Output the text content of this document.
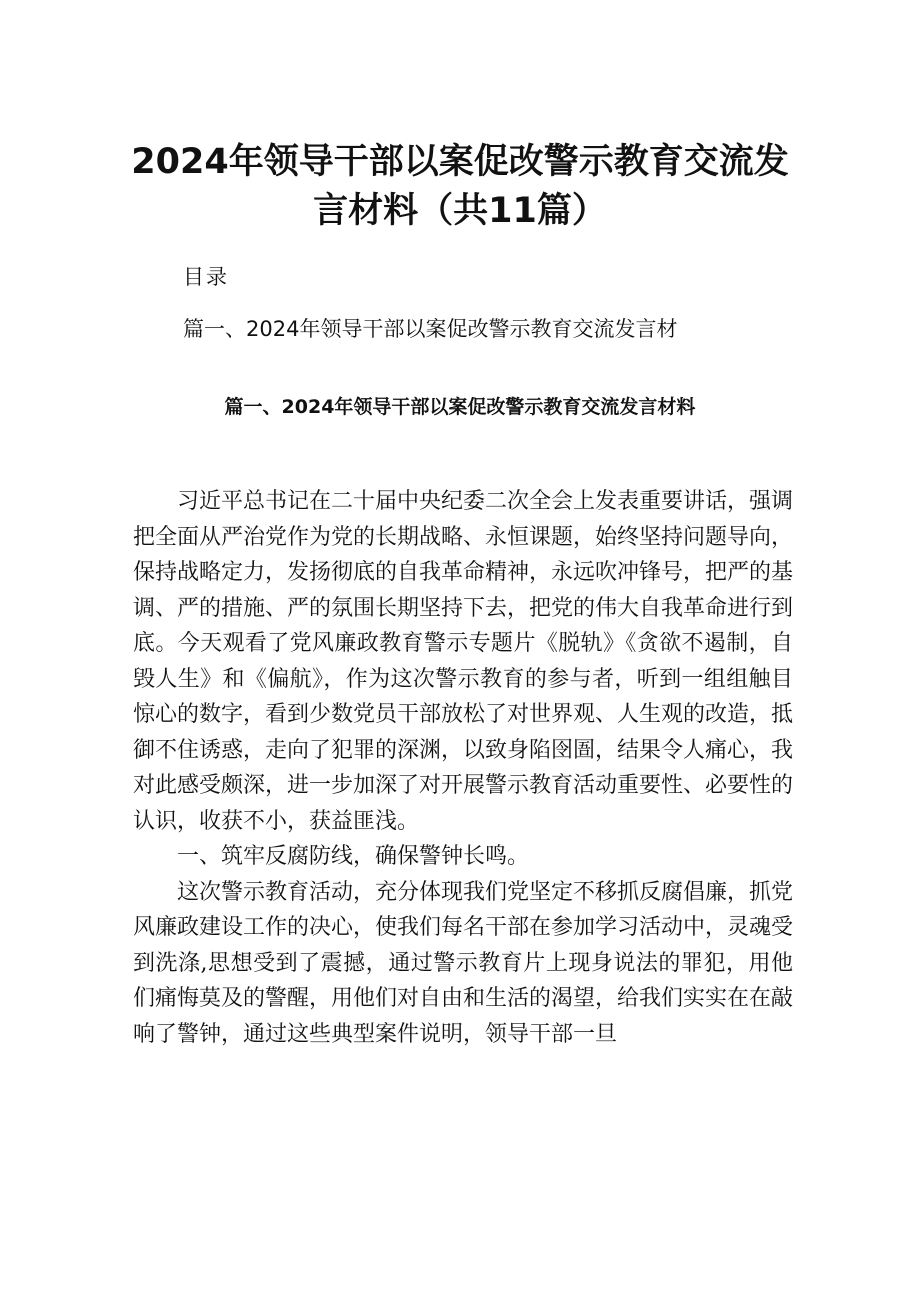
2024年领导干部以案促改警示教育交流发
言材料（共11篇）
目录
篇一、2024年领导干部以案促改警示教育交流发言材
篇一、2024年领导干部以案促改警示教育交流发言材料

习近平总书记在二十届中央纪委二次全会上发表重要讲话，强调把全面从严治党作为党的长期战略、永恒课题，始终坚持问题导向，保持战略定力，发扬彻底的自我革命精神，永远吹冲锋号，把严的基调、严的措施、严的氛围长期坚持下去，把党的伟大自我革命进行到底。今天观看了党风廉政教育警示专题片《脱轨》《贪欲不遏制，自毁人生》和《偏航》，作为这次警示教育的参与者，听到一组组触目惊心的数字，看到少数党员干部放松了对世界观、人生观的改造，抵御不住诱惑，走向了犯罪的深渊，以致身陷囹圄，结果令人痛心，我对此感受颇深，进一步加深了对开展警示教育活动重要性、必要性的认识，收获不小，获益匪浅。

一、筑牢反腐防线，确保警钟长鸣。

这次警示教育活动，充分体现我们党坚定不移抓反腐倡廉，抓党风廉政建设工作的决心，使我们每名干部在参加学习活动中，灵魂受到洗涤,思想受到了震撼，通过警示教育片上现身说法的罪犯，用他们痛悔莫及的警醒，用他们对自由和生活的渴望，给我们实实在在敲响了警钟，通过这些典型案件说明，领导干部一旦
